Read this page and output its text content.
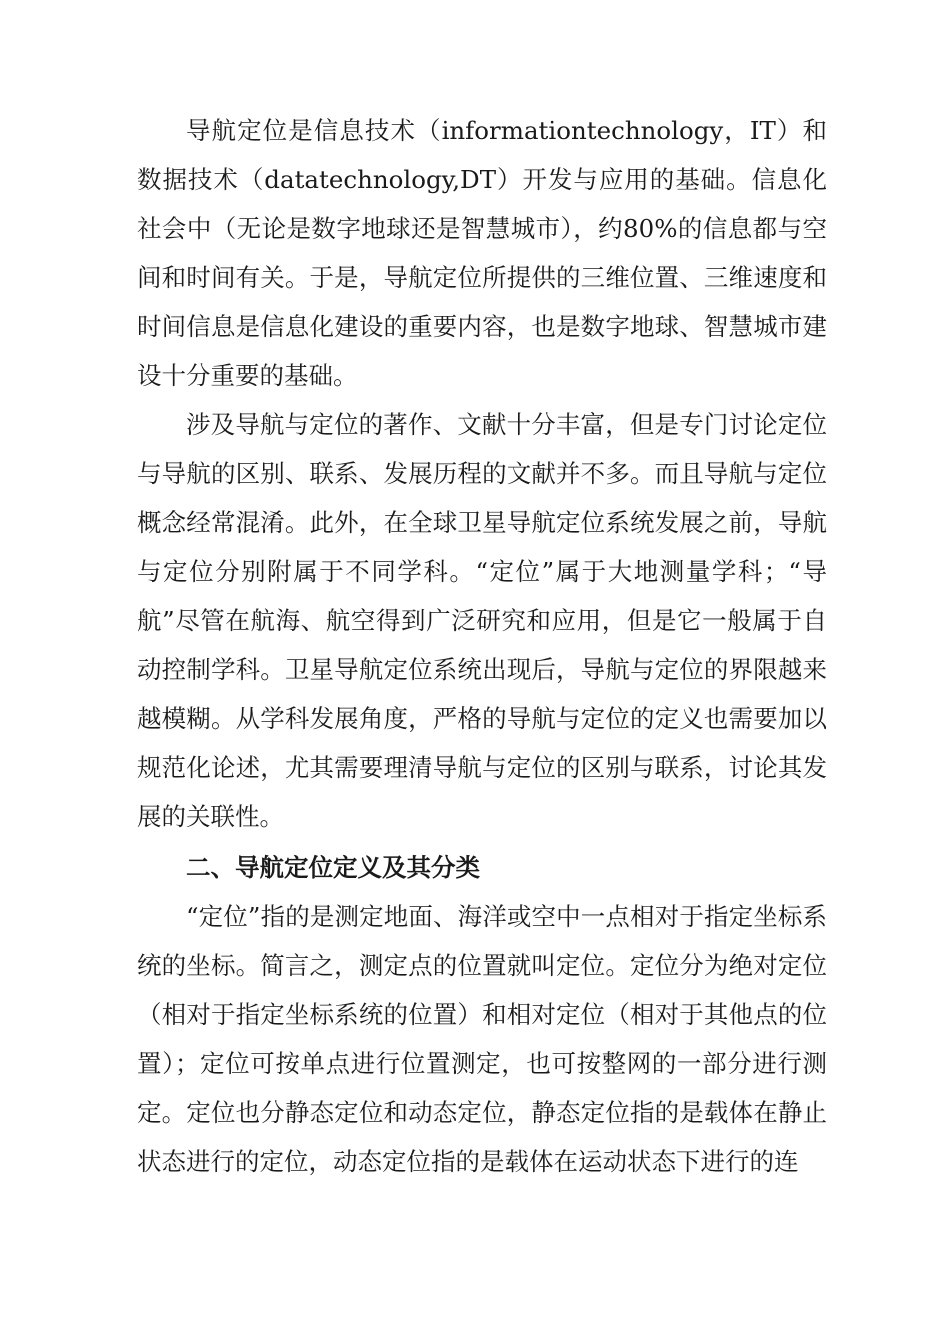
导航定位是信息技术（informationtechnology，IT）和数据技术（datatechnology,DT）开发与应用的基础。信息化社会中（无论是数字地球还是智慧城市），约80%的信息都与空间和时间有关。于是，导航定位所提供的三维位置、三维速度和时间信息是信息化建设的重要内容，也是数字地球、智慧城市建设十分重要的基础。

涉及导航与定位的著作、文献十分丰富，但是专门讨论定位与导航的区别、联系、发展历程的文献并不多。而且导航与定位概念经常混淆。此外，在全球卫星导航定位系统发展之前，导航与定位分别附属于不同学科。“定位”属于大地测量学科；“导航”尽管在航海、航空得到广泛研究和应用，但是它一般属于自动控制学科。卫星导航定位系统出现后，导航与定位的界限越来越模糊。从学科发展角度，严格的导航与定位的定义也需要加以规范化论述，尤其需要理清导航与定位的区别与联系，讨论其发展的关联性。

二、导航定位定义及其分类

“定位”指的是测定地面、海洋或空中一点相对于指定坐标系统的坐标。简言之，测定点的位置就叫定位。定位分为绝对定位（相对于指定坐标系统的位置）和相对定位（相对于其他点的位置）；定位可按单点进行位置测定，也可按整网的一部分进行测定。定位也分静态定位和动态定位，静态定位指的是载体在静止状态进行的定位，动态定位指的是载体在运动状态下进行的连
